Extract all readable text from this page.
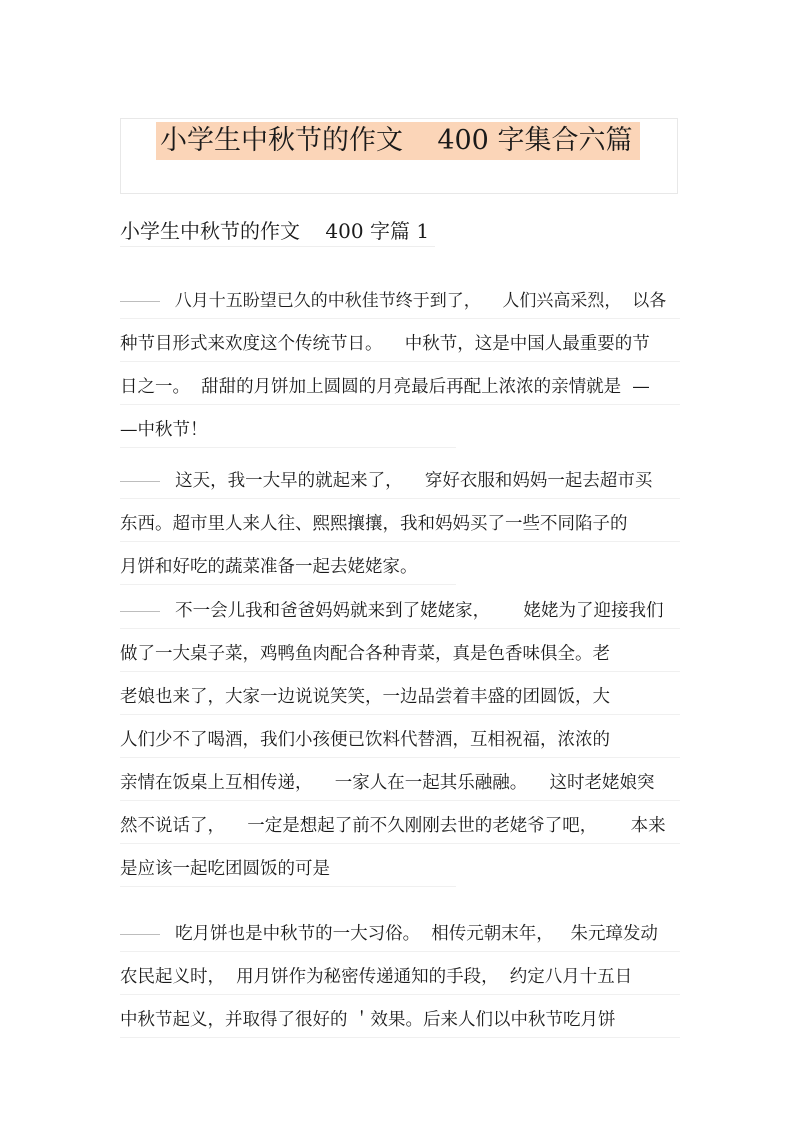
小学生中秋节的作文    400 字集合六篇
小学生中秋节的作文    400 字篇 1
八月十五盼望已久的中秋佳节终于到了，    人们兴高采烈，  以各
种节目形式来欢度这个传统节日。    中秋节，这是中国人最重要的节
日之一。  甜甜的月饼加上圆圆的月亮最后再配上浓浓的亲情就是  —
—中秋节！
这天，我一大早的就起来了，    穿好衣服和妈妈一起去超市买
东西。超市里人来人往、熙熙攘攘，我和妈妈买了一些不同陷子的
月饼和好吃的蔬菜准备一起去姥姥家。
不一会儿我和爸爸妈妈就来到了姥姥家，      姥姥为了迎接我们
做了一大桌子菜，鸡鸭鱼肉配合各种青菜，真是色香味俱全。老
老娘也来了，大家一边说说笑笑，一边品尝着丰盛的团圆饭，大
人们少不了喝酒，我们小孩便已饮料代替酒，互相祝福，浓浓的
亲情在饭桌上互相传递，    一家人在一起其乐融融。    这时老姥娘突
然不说话了，    一定是想起了前不久刚刚去世的老姥爷了吧，      本来
是应该一起吃团圆饭的可是
吃月饼也是中秋节的一大习俗。  相传元朝末年，   朱元璋发动
农民起义时，  用月饼作为秘密传递通知的手段，  约定八月十五日
中秋节起义，并取得了很好的 ＇效果。后来人们以中秋节吃月饼
